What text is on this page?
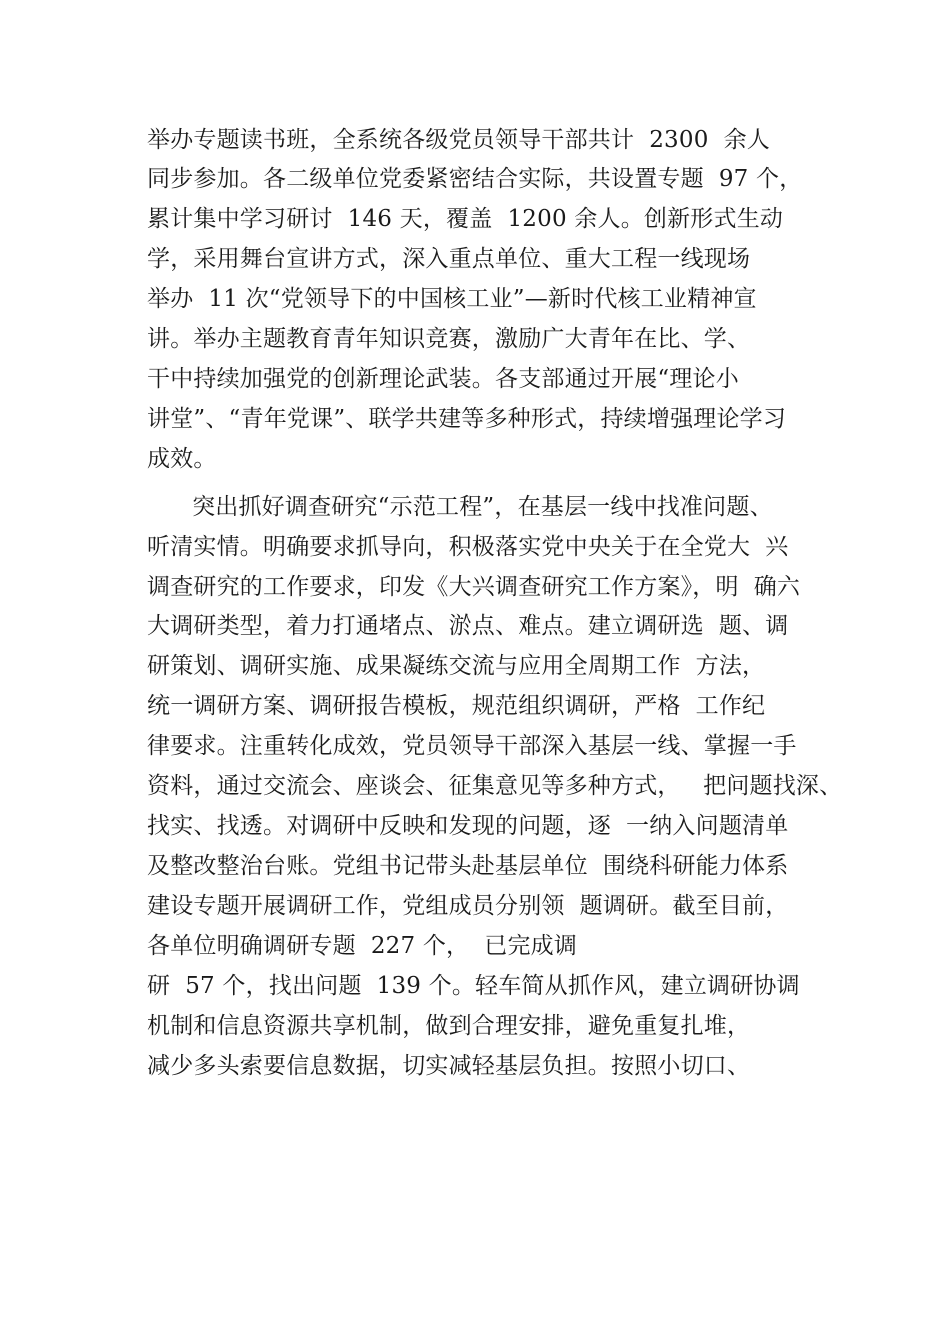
举办专题读书班，全系统各级党员领导干部共计  2300  余人
同步参加。各二级单位党委紧密结合实际，共设置专题  97 个，
累计集中学习研讨  146 天，覆盖  1200 余人。创新形式生动
学，采用舞台宣讲方式，深入重点单位、重大工程一线现场
举办  11 次“党领导下的中国核工业”—新时代核工业精神宣
讲。举办主题教育青年知识竞赛，激励广大青年在比、学、
干中持续加强党的创新理论武装。各支部通过开展“理论小
讲堂”、“青年党课”、联学共建等多种形式，持续增强理论学习
成效。
突出抓好调查研究“示范工程”，在基层一线中找准问题、
听清实情。明确要求抓导向，积极落实党中央关于在全党大  兴
调查研究的工作要求，印发《大兴调查研究工作方案》，明  确六
大调研类型，着力打通堵点、淤点、难点。建立调研选  题、调
研策划、调研实施、成果凝练交流与应用全周期工作  方法，
统一调研方案、调研报告模板，规范组织调研，严格  工作纪
律要求。注重转化成效，党员领导干部深入基层一线、掌握一手
资料，通过交流会、座谈会、征集意见等多种方式，   把问题找深、
找实、找透。对调研中反映和发现的问题，逐  一纳入问题清单
及整改整治台账。党组书记带头赴基层单位  围绕科研能力体系
建设专题开展调研工作，党组成员分别领  题调研。截至目前，
各单位明确调研专题  227 个，  已完成调
研  57 个，找出问题  139 个。轻车简从抓作风，建立调研协调
机制和信息资源共享机制，做到合理安排，避免重复扎堆，
减少多头索要信息数据，切实减轻基层负担。按照小切口、
